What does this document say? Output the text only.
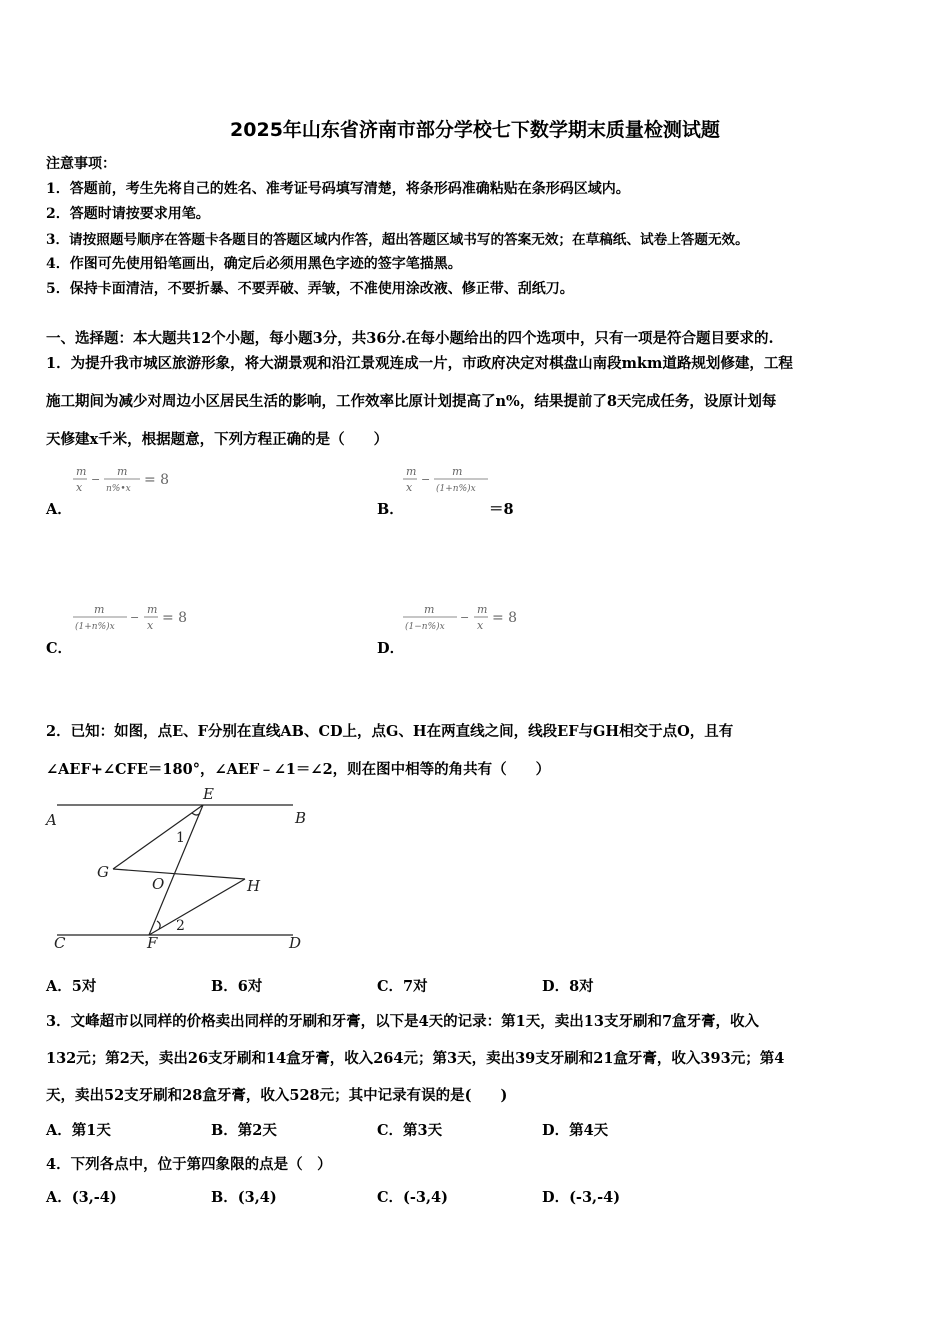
2025年山东省济南市部分学校七下数学期末质量检测试题
注意事项：
1．答题前，考生先将自己的姓名、准考证号码填写清楚，将条形码准确粘贴在条形码区域内。
2．答题时请按要求用笔。
3．请按照题号顺序在答题卡各题目的答题区域内作答，超出答题区域书写的答案无效；在草稿纸、试卷上答题无效。
4．作图可先使用铅笔画出，确定后必须用黑色字迹的签字笔描黑。
5．保持卡面清洁，不要折暴、不要弄破、弄皱，不准使用涂改液、修正带、刮纸刀。
一、选择题：本大题共12个小题，每小题3分，共36分.在每小题给出的四个选项中，只有一项是符合题目要求的.
1．为提升我市城区旅游形象，将大湖景观和沿江景观连成一片，市政府决定对棋盘山南段mkm道路规划修建，工程
施工期间为减少对周边小区居民生活的影响，工作效率比原计划提高了n%，结果提前了8天完成任务，设原计划每
天修建x千米，根据题意，下列方程正确的是（　　）
m
x
−
m
n%•x
= 8
A．
m
x
−
m
(1+n%)x
B．	＝8
m
(1+n%)x
−
m
x = 8
C．
m
(1−n%)x
−
m
x = 8
D．
2．已知：如图，点E、F分别在直线AB、CD上，点G、H在两直线之间，线段EF与GH相交于点O，且有
∠AEF+∠CFE＝180°，∠AEF﹣∠1＝∠2，则在图中相等的角共有（　　）
A	B
C	D
E
F
G
H
O
1
2
A．5对	B．6对	C．7对	D．8对
3．文峰超市以同样的价格卖出同样的牙刷和牙膏，以下是4天的记录：第1天，卖出13支牙刷和7盒牙膏，收入
132元；第2天，卖出26支牙刷和14盒牙膏，收入264元；第3天，卖出39支牙刷和21盒牙膏，收入393元；第4
天，卖出52支牙刷和28盒牙膏，收入528元；其中记录有误的是(　　)
A．第1天	B．第2天	C．第3天	D．第4天
4．下列各点中，位于第四象限的点是（　）
A．(3,-4)	B．(3,4)	C．(-3,4)	D．(-3,-4)
